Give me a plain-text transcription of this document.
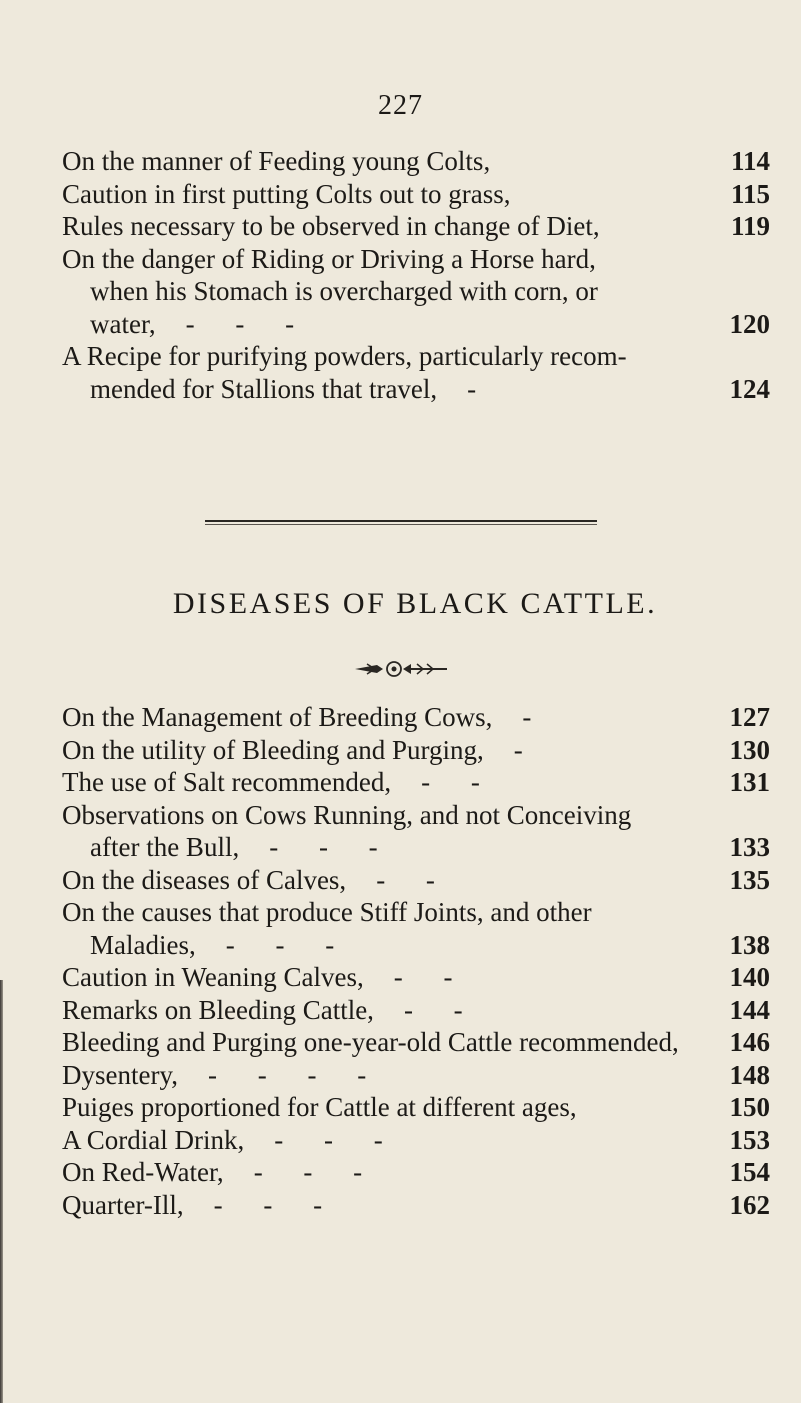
227
On the manner of Feeding young Colts,	114
Caution in first putting Colts out to grass,	115
Rules necessary to be observed in change of Diet,	119
On the danger of Riding or Driving a Horse hard,
when his Stomach is overcharged with corn, or
water, - - -	120
A Recipe for purifying powders, particularly recom-
mended for Stallions that travel, -	124
DISEASES OF BLACK CATTLE.
On the Management of Breeding Cows, -	127
On the utility of Bleeding and Purging, -	130
The use of Salt recommended, - -	131
Observations on Cows Running, and not Conceiving
after the Bull, - - -	133
On the diseases of Calves, - -	135
On the causes that produce Stiff Joints, and other
Maladies, - - -	138
Caution in Weaning Calves, - -	140
Remarks on Bleeding Cattle, - -	144
Bleeding and Purging one-year-old Cattle recommended,	146
Dysentery, - - - -	148
Puiges proportioned for Cattle at different ages,	150
A Cordial Drink, - - -	153
On Red-Water, - - -	154
Quarter-Ill, - - -	162
